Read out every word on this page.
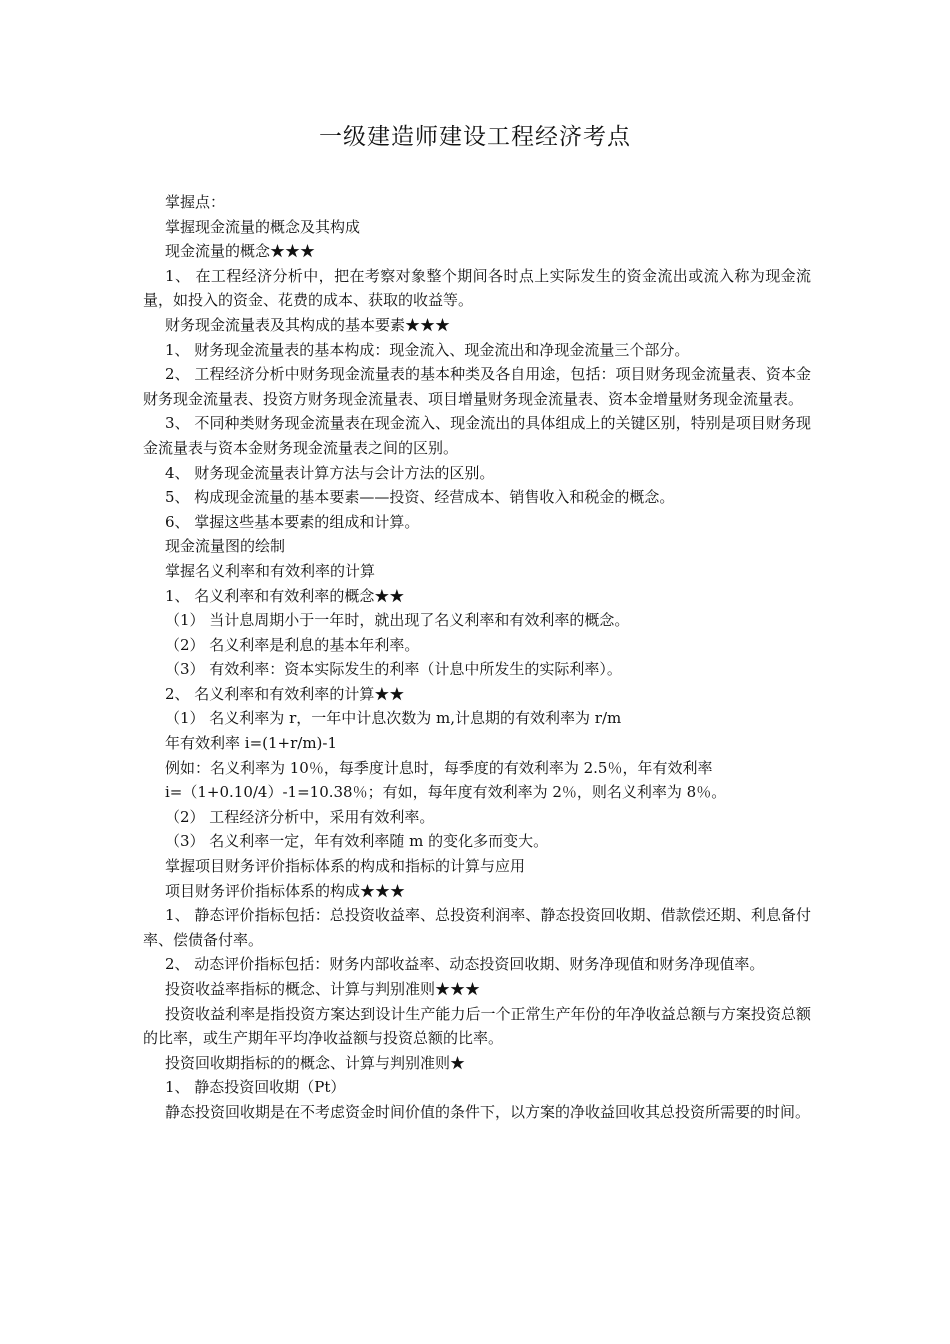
一级建造师建设工程经济考点

掌握点：

掌握现金流量的概念及其构成

现金流量的概念★★★

1、 在工程经济分析中，把在考察对象整个期间各时点上实际发生的资金流出或流入称为现金流量，如投入的资金、花费的成本、获取的收益等。

财务现金流量表及其构成的基本要素★★★

1、 财务现金流量表的基本构成：现金流入、现金流出和净现金流量三个部分。

2、 工程经济分析中财务现金流量表的基本种类及各自用途，包括：项目财务现金流量表、资本金财务现金流量表、投资方财务现金流量表、项目增量财务现金流量表、资本金增量财务现金流量表。

3、 不同种类财务现金流量表在现金流入、现金流出的具体组成上的关键区别，特别是项目财务现金流量表与资本金财务现金流量表之间的区别。

4、 财务现金流量表计算方法与会计方法的区别。

5、 构成现金流量的基本要素——投资、经营成本、销售收入和税金的概念。

6、 掌握这些基本要素的组成和计算。

现金流量图的绘制

掌握名义利率和有效利率的计算

1、 名义利率和有效利率的概念★★

（1） 当计息周期小于一年时，就出现了名义利率和有效利率的概念。

（2） 名义利率是利息的基本年利率。

（3） 有效利率：资本实际发生的利率（计息中所发生的实际利率）。

2、 名义利率和有效利率的计算★★

（1） 名义利率为 r，一年中计息次数为 m,计息期的有效利率为 r/m

年有效利率 i=(1+r/m)-1

例如：名义利率为 10％，每季度计息时，每季度的有效利率为 2.5％，年有效利率

i=（1+0.10/4）-1=10.38％；有如，每年度有效利率为 2％，则名义利率为 8％。

（2） 工程经济分析中，采用有效利率。

（3） 名义利率一定，年有效利率随 m 的变化多而变大。

掌握项目财务评价指标体系的构成和指标的计算与应用

项目财务评价指标体系的构成★★★

1、 静态评价指标包括：总投资收益率、总投资利润率、静态投资回收期、借款偿还期、利息备付率、偿债备付率。

2、 动态评价指标包括：财务内部收益率、动态投资回收期、财务净现值和财务净现值率。

投资收益率指标的概念、计算与判别准则★★★

投资收益利率是指投资方案达到设计生产能力后一个正常生产年份的年净收益总额与方案投资总额的比率，或生产期年平均净收益额与投资总额的比率。

投资回收期指标的的概念、计算与判别准则★

1、 静态投资回收期（Pt）

静态投资回收期是在不考虑资金时间价值的条件下，以方案的净收益回收其总投资所需要的时间。
